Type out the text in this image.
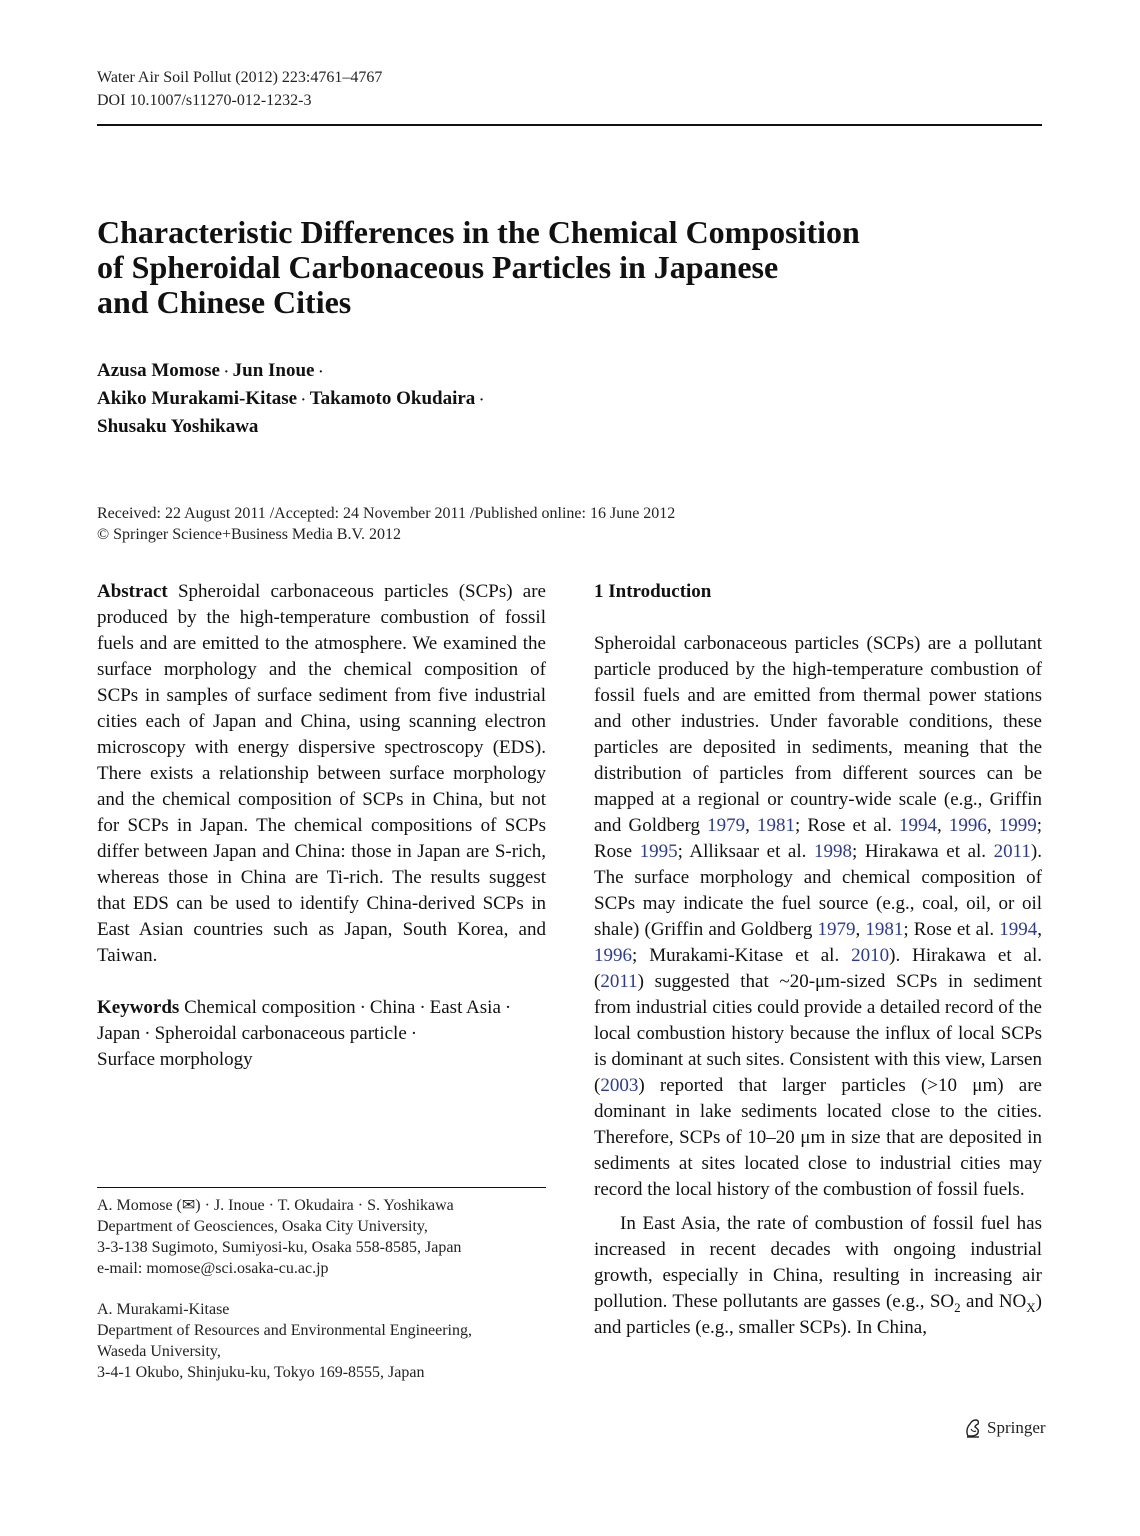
Water Air Soil Pollut (2012) 223:4761–4767
DOI 10.1007/s11270-012-1232-3
Characteristic Differences in the Chemical Composition
of Spheroidal Carbonaceous Particles in Japanese
and Chinese Cities
Azusa Momose · Jun Inoue ·
Akiko Murakami-Kitase · Takamoto Okudaira ·
Shusaku Yoshikawa
Received: 22 August 2011 /Accepted: 24 November 2011 /Published online: 16 June 2012
© Springer Science+Business Media B.V. 2012

Abstract Spheroidal carbonaceous particles (SCPs) are produced by the high-temperature combustion of fossil fuels and are emitted to the atmosphere. We examined the surface morphology and the chemical composition of SCPs in samples of surface sediment from five industrial cities each of Japan and China, using scanning electron microscopy with energy dispersive spectroscopy (EDS). There exists a relationship between surface morphology and the chemical composition of SCPs in China, but not for SCPs in Japan. The chemical compositions of SCPs differ between Japan and China: those in Japan are S-rich, whereas those in China are Ti-rich. The results suggest that EDS can be used to identify China-derived SCPs in East Asian countries such as Japan, South Korea, and Taiwan.

Keywords Chemical composition · China · East Asia ·
Japan · Spheroidal carbonaceous particle ·
Surface morphology

A. Momose (✉) · J. Inoue · T. Okudaira · S. Yoshikawa
Department of Geosciences, Osaka City University,
3-3-138 Sugimoto, Sumiyosi-ku, Osaka 558-8585, Japan
e-mail: momose@sci.osaka-cu.ac.jp
A. Murakami-Kitase
Department of Resources and Environmental Engineering,
Waseda University,
3-4-1 Okubo, Shinjuku-ku, Tokyo 169-8555, Japan
1 Introduction

Spheroidal carbonaceous particles (SCPs) are a pollutant particle produced by the high-temperature combustion of fossil fuels and are emitted from thermal power stations and other industries. Under favorable conditions, these particles are deposited in sediments, meaning that the distribution of particles from different sources can be mapped at a regional or country-wide scale (e.g., Griffin and Goldberg 1979, 1981; Rose et al. 1994, 1996, 1999; Rose 1995; Alliksaar et al. 1998; Hirakawa et al. 2011). The surface morphology and chemical composition of SCPs may indicate the fuel source (e.g., coal, oil, or oil shale) (Griffin and Goldberg 1979, 1981; Rose et al. 1994, 1996; Murakami-Kitase et al. 2010). Hirakawa et al. (2011) suggested that ~20-μm-sized SCPs in sediment from industrial cities could provide a detailed record of the local combustion history because the influx of local SCPs is dominant at such sites. Consistent with this view, Larsen (2003) reported that larger particles (>10 μm) are dominant in lake sediments located close to the cities. Therefore, SCPs of 10–20 μm in size that are deposited in sediments at sites located close to industrial cities may record the local history of the combustion of fossil fuels.

In East Asia, the rate of combustion of fossil fuel has increased in recent decades with ongoing industrial growth, especially in China, resulting in increasing air pollution. These pollutants are gasses (e.g., $SO_2$ and $NO_X$) and particles (e.g., smaller SCPs). In China,

Springer
